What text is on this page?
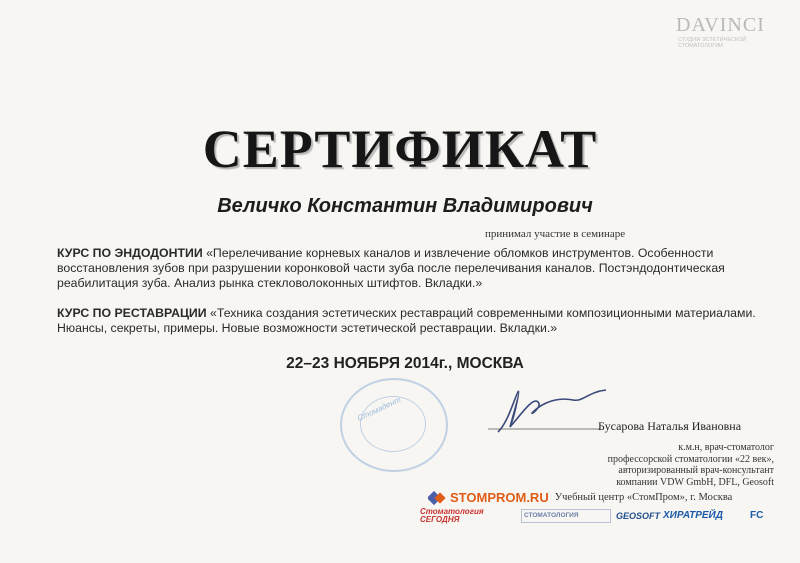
DAVINCI
СТУДИЯ ЭСТЕТИЧЕСКОЙ СТОМАТОЛОГИИ
СЕРТИФИКАТ
Величко Константин Владимирович
принимал участие в семинаре
КУРС ПО ЭНДОДОНТИИ «Перелечивание корневых каналов и извлечение обломков инструментов. Особенности восстановления зубов при разрушении коронковой части зуба после перелечивания каналов. Постэндодонтическая реабилитация зуба. Анализ рынка стекловолоконных штифтов. Вкладки.»
КУРС ПО РЕСТАВРАЦИИ «Техника создания эстетических реставраций современными композиционными материалами. Нюансы, секреты, примеры. Новые возможности эстетической реставрации. Вкладки.»
22–23 НОЯБРЯ 2014г., МОСКВА
Стомадент
Бусарова Наталья Ивановна
к.м.н, врач-стоматолог
профессорской стоматологии «22 век»,
авторизированный врач-консультант
компании VDW GmbH, DFL, Geosoft
STOMPROM.RU Учебный центр «СтомПром», г. Москва
Стоматология СЕГОДНЯ	СТОМАТОЛОГИЯ	GEOSOFT ХИРАТРЕЙД	FC
